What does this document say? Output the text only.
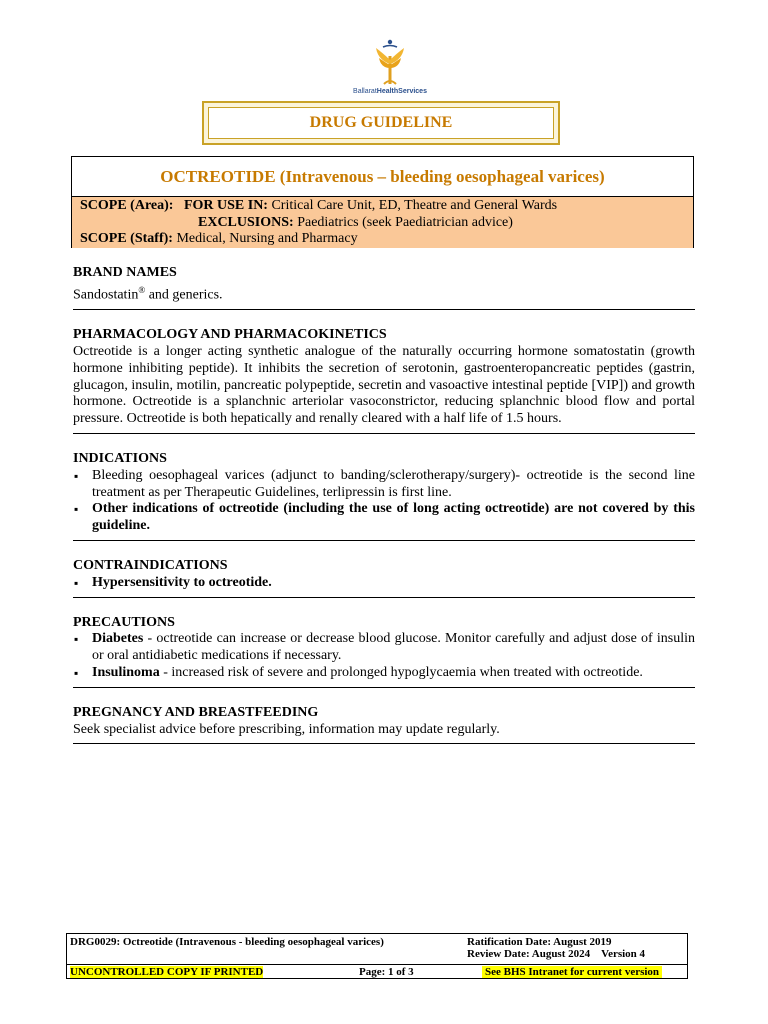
BallaratHealthServices
DRUG GUIDELINE
OCTREOTIDE (Intravenous – bleeding oesophageal varices)
SCOPE (Area): FOR USE IN: Critical Care Unit, ED, Theatre and General Wards
EXCLUSIONS: Paediatrics (seek Paediatrician advice)
SCOPE (Staff): Medical, Nursing and Pharmacy

BRAND NAMES

Sandostatin® and generics.

PHARMACOLOGY AND PHARMACOKINETICS

Octreotide is a longer acting synthetic analogue of the naturally occurring hormone somatostatin (growth hormone inhibiting peptide). It inhibits the secretion of serotonin, gastroenteropancreatic peptides (gastrin, glucagon, insulin, motilin, pancreatic polypeptide, secretin and vasoactive intestinal peptide [VIP]) and growth hormone. Octreotide is a splanchnic arteriolar vasoconstrictor, reducing splanchnic blood flow and portal pressure. Octreotide is both hepatically and renally cleared with a half life of 1.5 hours.

INDICATIONS

▪ Bleeding oesophageal varices (adjunct to banding/sclerotherapy/surgery)- octreotide is the second line treatment as per Therapeutic Guidelines, terlipressin is first line.
▪ Other indications of octreotide (including the use of long acting octreotide) are not covered by this guideline.

CONTRAINDICATIONS

▪ Hypersensitivity to octreotide.

PRECAUTIONS

▪ Diabetes - octreotide can increase or decrease blood glucose. Monitor carefully and adjust dose of insulin or oral antidiabetic medications if necessary.
▪ Insulinoma - increased risk of severe and prolonged hypoglycaemia when treated with octreotide.

PREGNANCY AND BREASTFEEDING

Seek specialist advice before prescribing, information may update regularly.

DRG0029: Octreotide (Intravenous - bleeding oesophageal varices)	Ratification Date: August 2019
Review Date: August 2024 Version 4
UNCONTROLLED COPY IF PRINTED	Page: 1 of 3	See BHS Intranet for current version
